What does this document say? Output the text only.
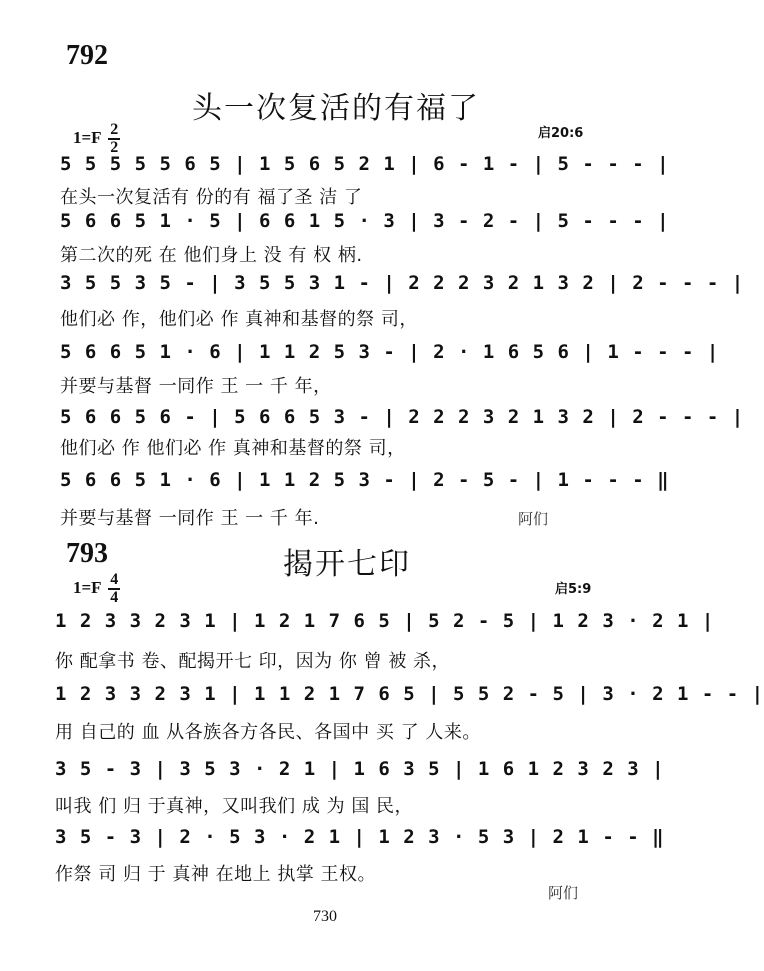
792
头一次复活的有福了
$1=F \frac{2}{2}$	启20:6
5 5 5 5 5 6 5 | 1 5 6 5 2 1 | 6 - 1 - | 5 - - - |
在头一次复活有 份的有 福了圣 洁 了
5 6 6 5 1 · 5 | 6 6 1 5 · 3 | 3 - 2 - | 5 - - - |
第二次的死 在 他们身上 没 有 权 柄.
3 5 5 3 5 - | 3 5 5 3 1 - | 2 2 2 3 2 1 3 2 | 2 - - - |
他们必 作，他们必 作 真神和基督的祭 司，
5 6 6 5 1 · 6 | 1 1 2 5 3 - | 2 · 1 6 5 6 | 1 - - - |
并要与基督 一同作 王 一 千 年，
5 6 6 5 6 - | 5 6 6 5 3 - | 2 2 2 3 2 1 3 2 | 2 - - - |
他们必 作 他们必 作 真神和基督的祭 司，
5 6 6 5 1 · 6 | 1 1 2 5 3 - | 2 - 5 - | 1 - - - ‖
并要与基督 一同作 王 一 千 年.	阿们
793	揭开七印
$1=F \frac{4}{4}$	启5:9
1 2 3 3 2 3 1 | 1 2 1 7 6 5 | 5 2 - 5 | 1 2 3 · 2 1 |
你 配拿书 卷、配揭开七 印，因为 你 曾 被 杀，
1 2 3 3 2 3 1 | 1 1 2 1 7 6 5 | 5 5 2 - 5 | 3 · 2 1 - - |
用 自己的 血 从各族各方各民、各国中 买 了 人来。
3 5 - 3 | 3 5 3 · 2 1 | 1 6 3 5 | 1 6 1 2 3 2 3 |
叫我 们 归 于真神，又叫我们 成 为 国 民，
3 5 - 3 | 2 · 5 3 · 2 1 | 1 2 3 · 5 3 | 2 1 - - ‖
作祭 司 归 于 真神 在地上 执掌 王权。
阿们
730
